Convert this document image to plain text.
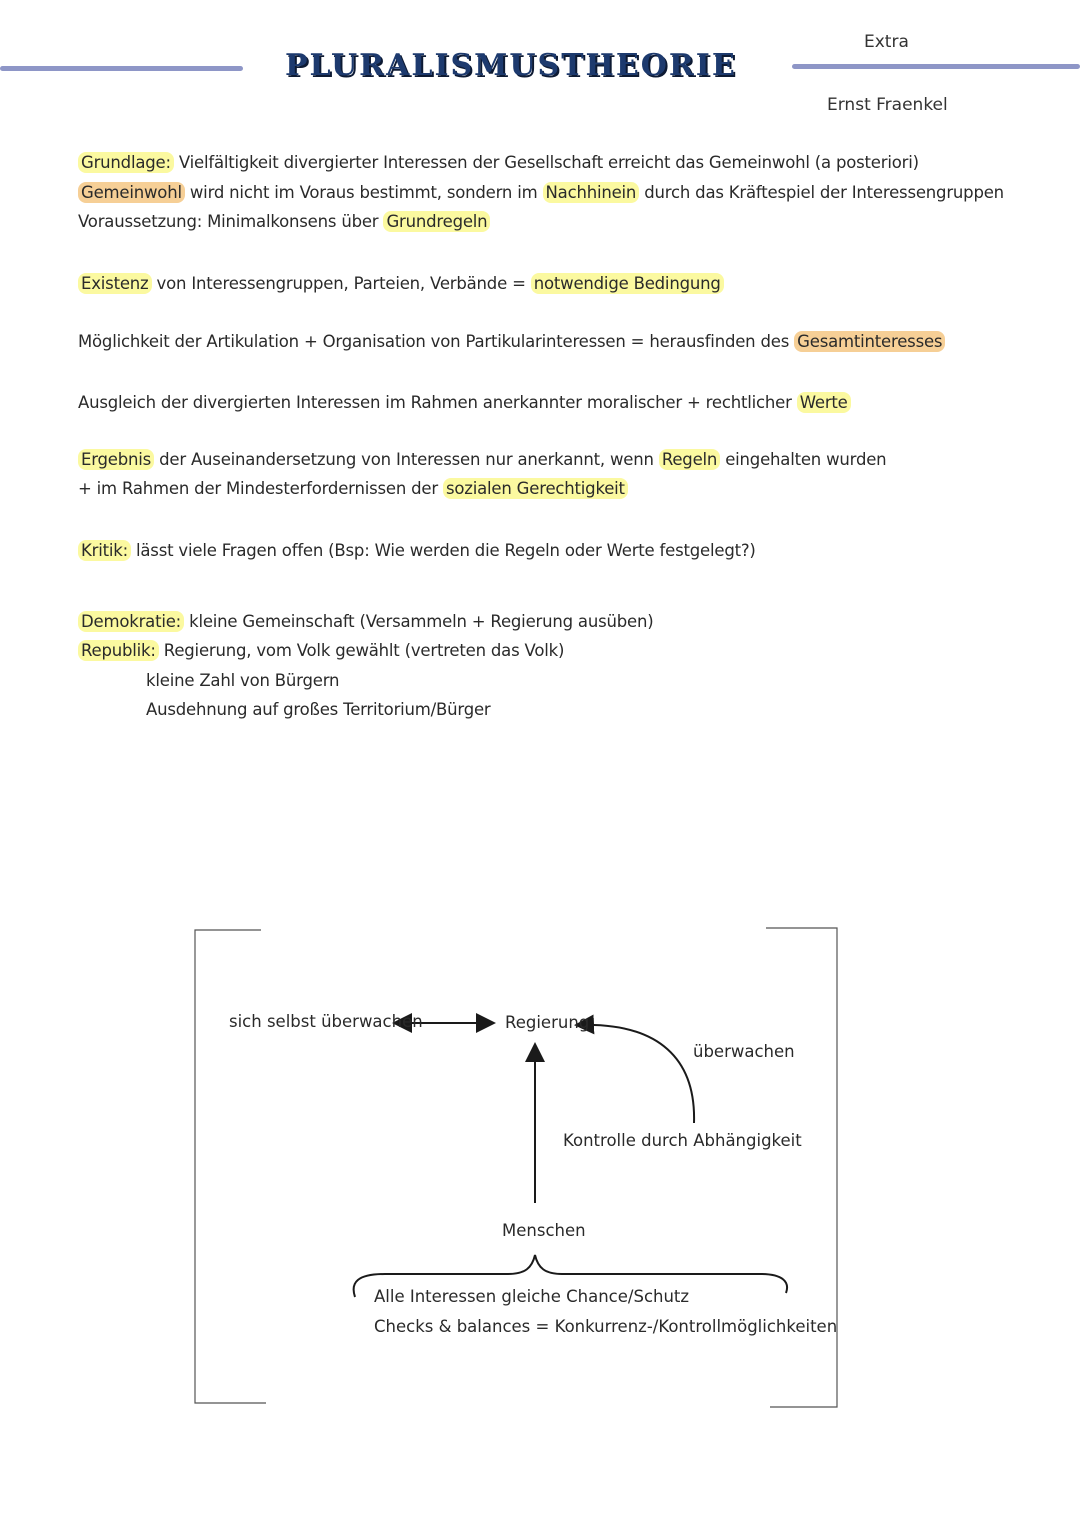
PLURALISMUSTHEORIE
Extra
Ernst Fraenkel
Grundlage: Vielfältigkeit divergierter Interessen der Gesellschaft erreicht das Gemeinwohl (a posteriori)
Gemeinwohl wird nicht im Voraus bestimmt, sondern im Nachhinein durch das Kräftespiel der Interessengruppen
Voraussetzung: Minimalkonsens über Grundregeln
Existenz von Interessengruppen, Parteien, Verbände = notwendige Bedingung
Möglichkeit der Artikulation + Organisation von Partikularinteressen = herausfinden des Gesamtinteresses
Ausgleich der divergierten Interessen im Rahmen anerkannter moralischer + rechtlicher Werte
Ergebnis der Auseinandersetzung von Interessen nur anerkannt, wenn Regeln eingehalten wurden
+ im Rahmen der Mindesterfordernissen der sozialen Gerechtigkeit
Kritik: lässt viele Fragen offen (Bsp: Wie werden die Regeln oder Werte festgelegt?)
Demokratie: kleine Gemeinschaft (Versammeln + Regierung ausüben)
Republik: Regierung, vom Volk gewählt (vertreten das Volk)
kleine Zahl von Bürgern
Ausdehnung auf großes Territorium/Bürger
sich selbst überwachen	Regierung
überwachen
Kontrolle durch Abhängigkeit
Menschen
Alle Interessen gleiche Chance/Schutz
Checks & balances = Konkurrenz-/Kontrollmöglichkeiten
